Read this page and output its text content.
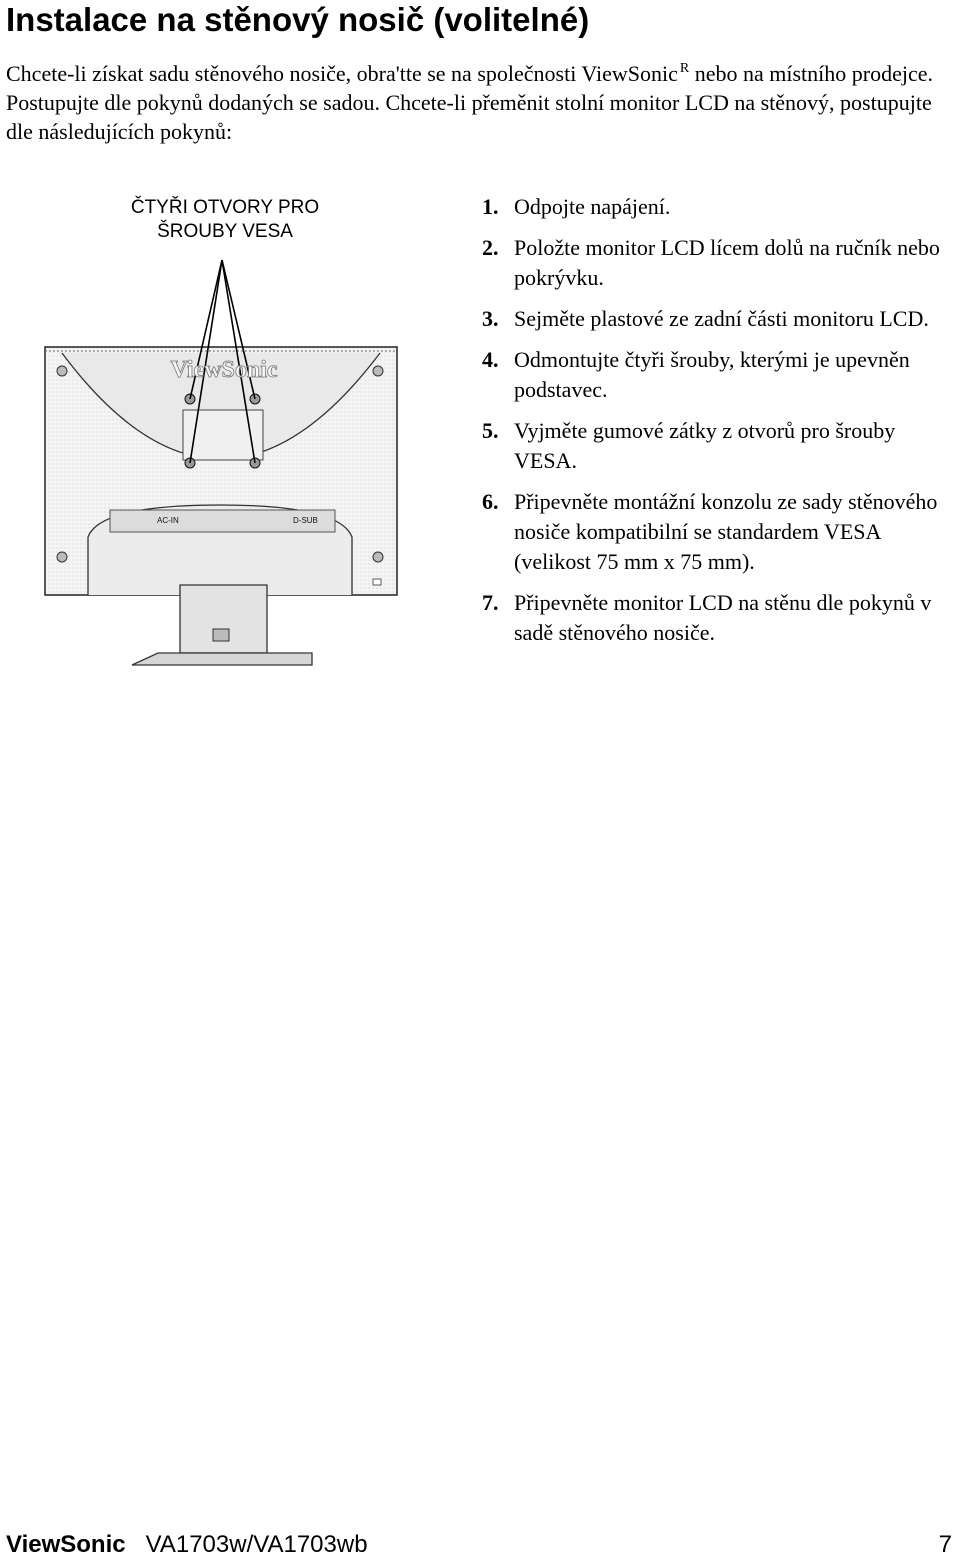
Instalace na stěnový nosič (volitelné)

Chcete-li získat sadu stěnového nosiče, obra'tte se na společnosti ViewSonic $^R$ nebo na místního prodejce. Postupujte dle pokynů dodaných se sadou. Chcete-li přeměnit stolní monitor LCD na stěnový, postupujte dle následujících pokynů:

ČTYŘI OTVORY PRO
ŠROUBY VESA
ViewSonic
AC-IN	D-SUB
1. Odpojte napájení.
2. Položte monitor LCD lícem dolů na ručník nebo pokrývku.
3. Sejměte plastové ze zadní části monitoru LCD.
4. Odmontujte čtyři šrouby, kterými je upevněn podstavec.
5. Vyjměte gumové zátky z otvorů pro šrouby VESA.
6. Připevněte montážní konzolu ze sady stěnového nosiče kompatibilní se standardem VESA (velikost 75 mm x 75 mm).
7. Připevněte monitor LCD na stěnu dle pokynů v sadě stěnového nosiče.
ViewSonic VA1703w/VA1703wb	7
